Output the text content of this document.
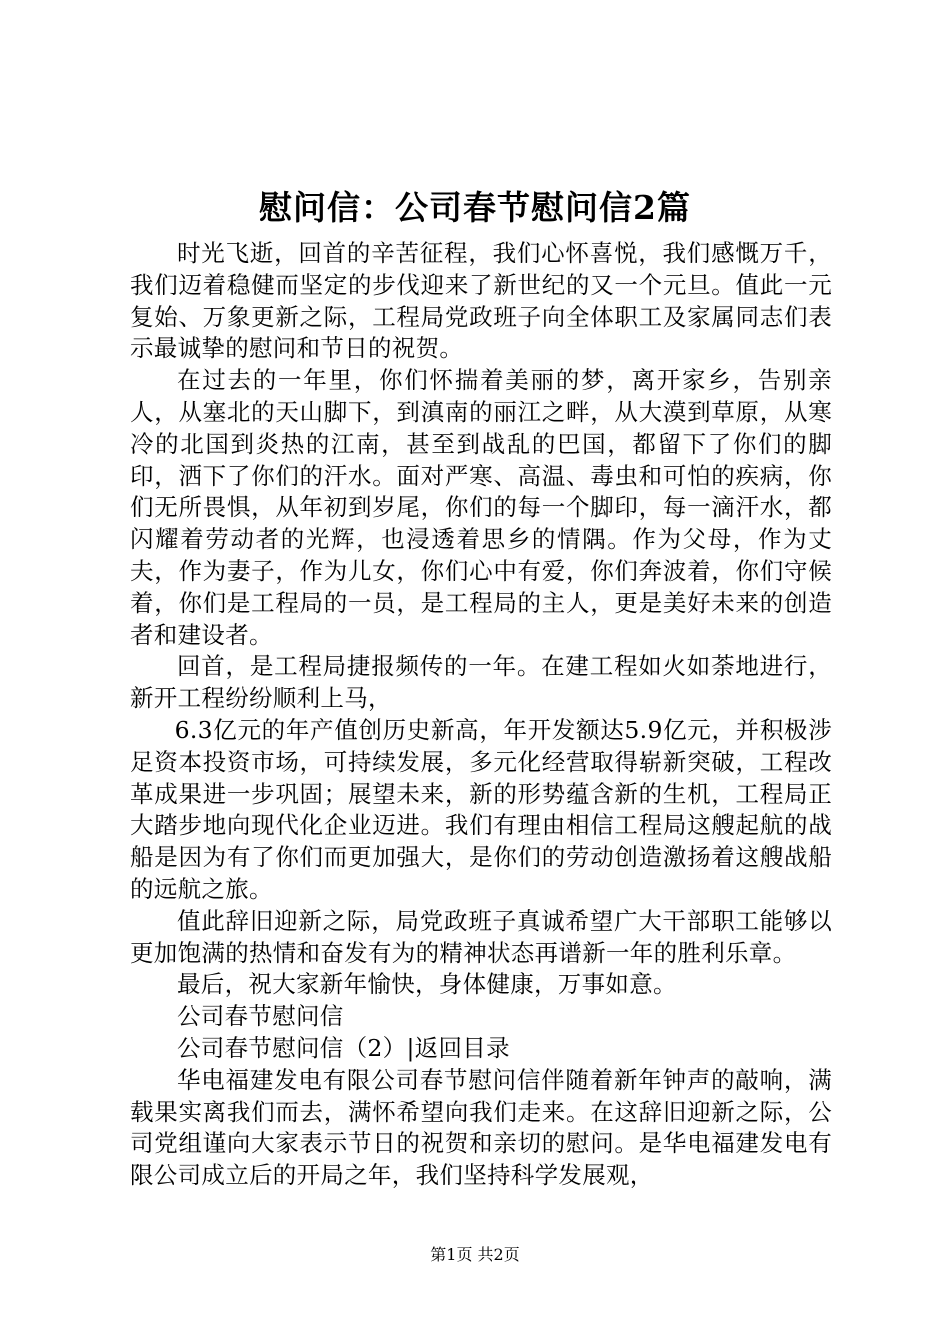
慰问信：公司春节慰问信2篇

时光飞逝，回首的辛苦征程，我们心怀喜悦，我们感慨万千，我们迈着稳健而坚定的步伐迎来了新世纪的又一个元旦。值此一元复始、万象更新之际，工程局党政班子向全体职工及家属同志们表示最诚挚的慰问和节日的祝贺。

在过去的一年里，你们怀揣着美丽的梦，离开家乡，告别亲人，从塞北的天山脚下，到滇南的丽江之畔，从大漠到草原，从寒冷的北国到炎热的江南，甚至到战乱的巴国，都留下了你们的脚印，洒下了你们的汗水。面对严寒、高温、毒虫和可怕的疾病，你们无所畏惧，从年初到岁尾，你们的每一个脚印，每一滴汗水，都闪耀着劳动者的光辉，也浸透着思乡的情隅。作为父母，作为丈夫，作为妻子，作为儿女，你们心中有爱，你们奔波着，你们守候着，你们是工程局的一员，是工程局的主人，更是美好未来的创造者和建设者。

回首，是工程局捷报频传的一年。在建工程如火如荼地进行，新开工程纷纷顺利上马，

6.3亿元的年产值创历史新高，年开发额达5.9亿元，并积极涉足资本投资市场，可持续发展，多元化经营取得崭新突破，工程改革成果进一步巩固；展望未来，新的形势蕴含新的生机，工程局正大踏步地向现代化企业迈进。我们有理由相信工程局这艘起航的战船是因为有了你们而更加强大，是你们的劳动创造激扬着这艘战船的远航之旅。

值此辞旧迎新之际，局党政班子真诚希望广大干部职工能够以更加饱满的热情和奋发有为的精神状态再谱新一年的胜利乐章。

最后，祝大家新年愉快，身体健康，万事如意。

公司春节慰问信

公司春节慰问信（2）|返回目录

华电福建发电有限公司春节慰问信伴随着新年钟声的敲响，满载果实离我们而去，满怀希望向我们走来。在这辞旧迎新之际，公司党组谨向大家表示节日的祝贺和亲切的慰问。是华电福建发电有限公司成立后的开局之年，我们坚持科学发展观，

第1页 共2页
